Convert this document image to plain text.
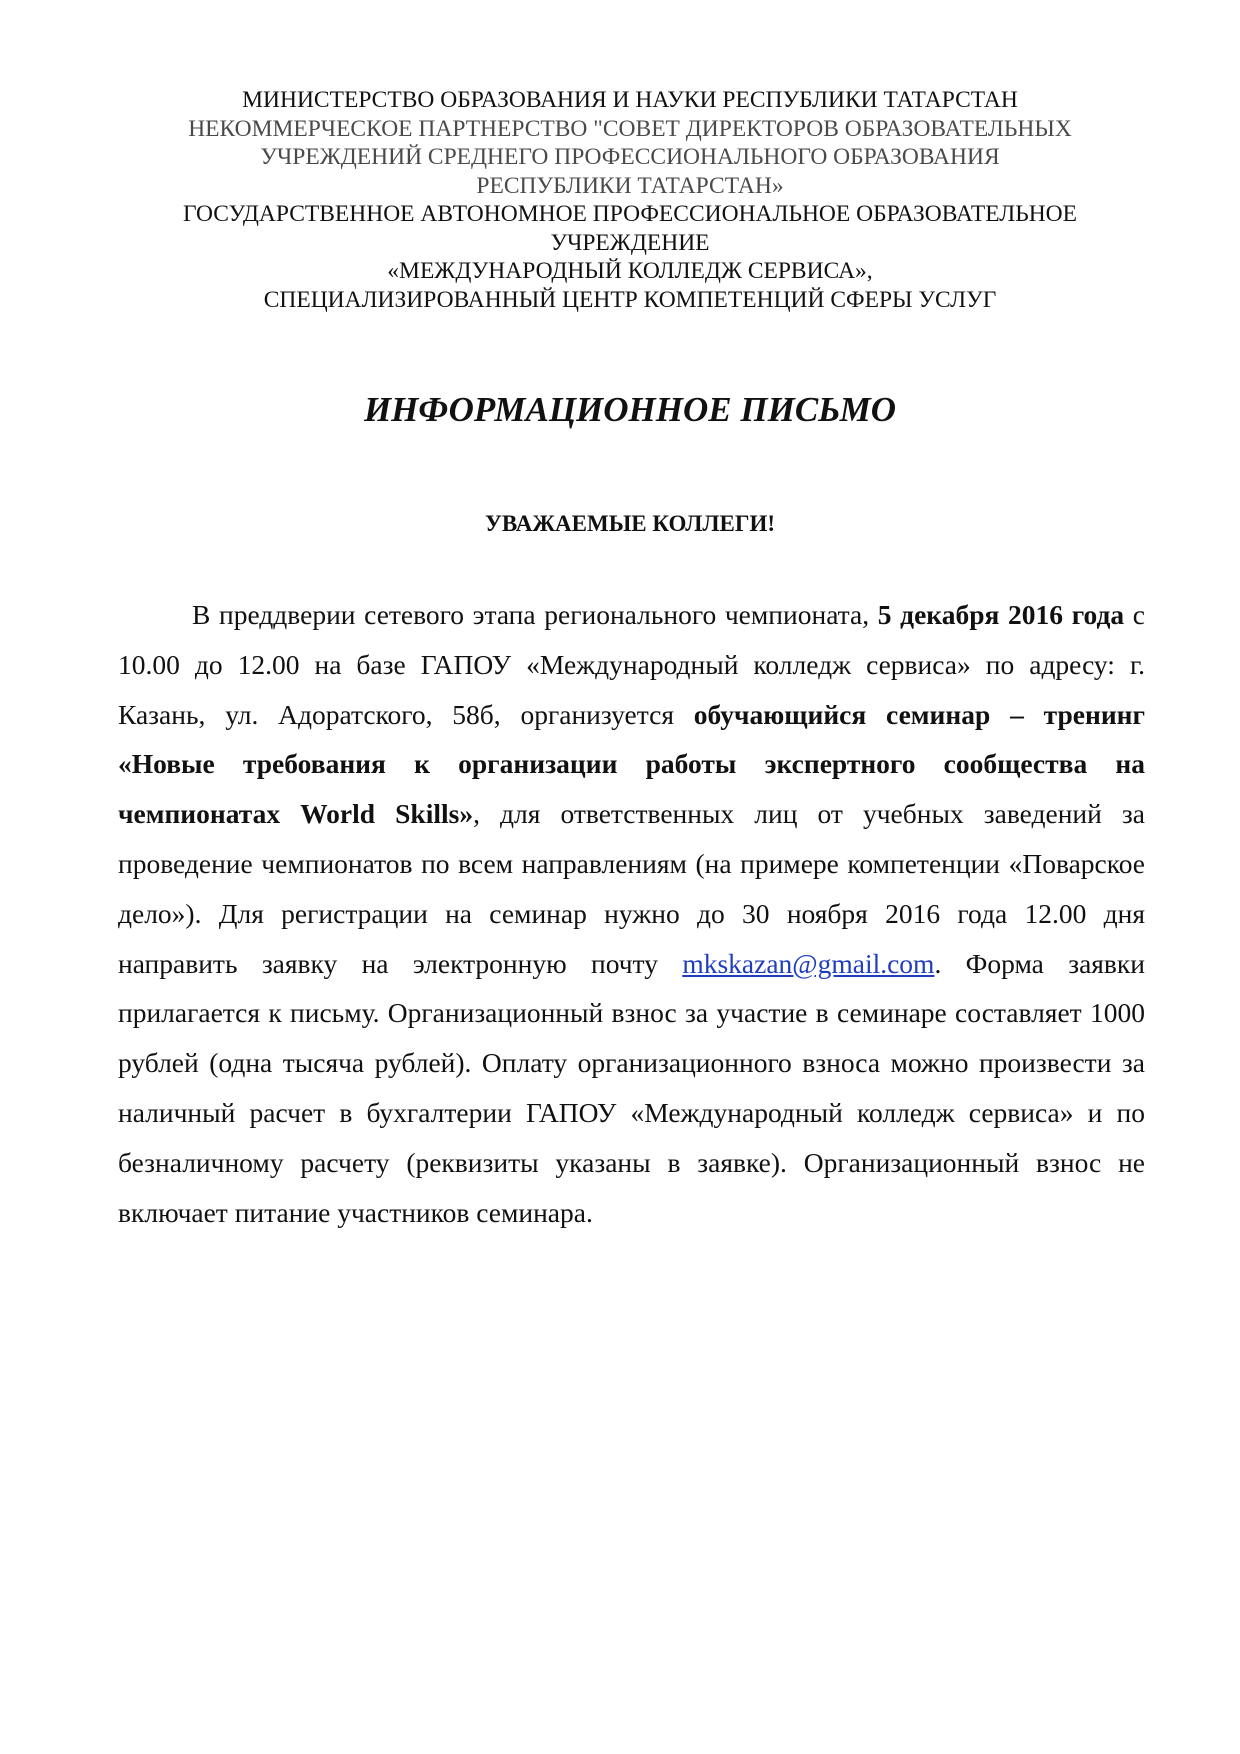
МИНИСТЕРСТВО ОБРАЗОВАНИЯ И НАУКИ РЕСПУБЛИКИ ТАТАРСТАН
НЕКОММЕРЧЕСКОЕ ПАРТНЕРСТВО "СОВЕТ ДИРЕКТОРОВ ОБРАЗОВАТЕЛЬНЫХ
УЧРЕЖДЕНИЙ СРЕДНЕГО ПРОФЕССИОНАЛЬНОГО ОБРАЗОВАНИЯ
РЕСПУБЛИКИ ТАТАРСТАН»
ГОСУДАРСТВЕННОЕ АВТОНОМНОЕ ПРОФЕССИОНАЛЬНОЕ ОБРАЗОВАТЕЛЬНОЕ
УЧРЕЖДЕНИЕ
«МЕЖДУНАРОДНЫЙ КОЛЛЕДЖ СЕРВИСА»,
СПЕЦИАЛИЗИРОВАННЫЙ ЦЕНТР КОМПЕТЕНЦИЙ СФЕРЫ УСЛУГ
ИНФОРМАЦИОННОЕ ПИСЬМО
УВАЖАЕМЫЕ КОЛЛЕГИ!

В преддверии сетевого этапа регионального чемпионата, 5 декабря 2016 года с 10.00 до 12.00 на базе ГАПОУ «Международный колледж сервиса» по адресу: г. Казань, ул. Адоратского, 58б, организуется обучающийся семинар – тренинг «Новые требования к организации работы экспертного сообщества на чемпионатах World Skills», для ответственных лиц от учебных заведений за проведение чемпионатов по всем направлениям (на примере компетенции «Поварское дело»). Для регистрации на семинар нужно до 30 ноября 2016 года 12.00 дня направить заявку на электронную почту mkskazan@gmail.com. Форма заявки прилагается к письму. Организационный взнос за участие в семинаре составляет 1000 рублей (одна тысяча рублей). Оплату организационного взноса можно произвести за наличный расчет в бухгалтерии ГАПОУ «Международный колледж сервиса» и по безналичному расчету (реквизиты указаны в заявке). Организационный взнос не включает питание участников семинара.
